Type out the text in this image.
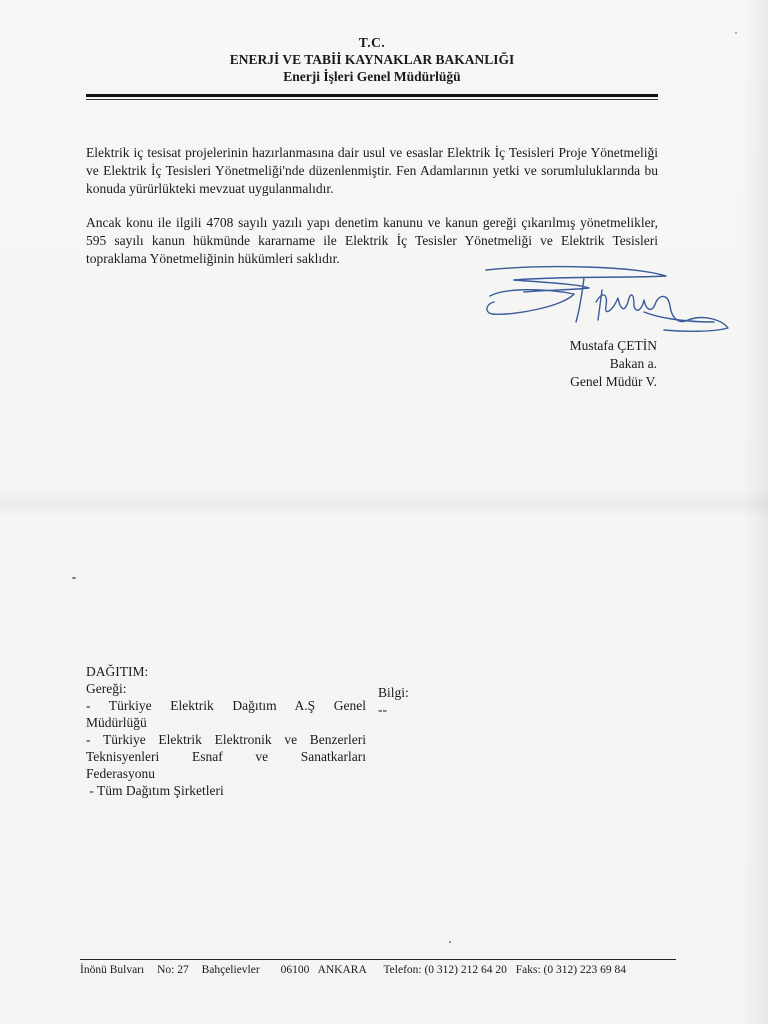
T.C.
ENERJİ VE TABİİ KAYNAKLAR BAKANLIĞI
Enerji İşleri Genel Müdürlüğü

Elektrik iç tesisat projelerinin hazırlanmasına dair usul ve esaslar Elektrik İç Tesisleri Proje Yönetmeliği ve Elektrik İç Tesisleri Yönetmeliği'nde düzenlenmiştir. Fen Adamlarının yetki ve sorumluluklarında bu konuda yürürlükteki mevzuat uygulanmalıdır.

Ancak konu ile ilgili 4708 sayılı yazılı yapı denetim kanunu ve kanun gereği çıkarılmış yönetmelikler, 595 sayılı kanun hükmünde kararname ile Elektrik İç Tesisler Yönetmeliği ve Elektrik Tesisleri topraklama Yönetmeliğinin hükümleri saklıdır.

Mustafa ÇETİN
Bakan a.
Genel Müdür V.
DAĞITIM:
Gereği:
- Türkiye Elektrik Dağıtım A.Ş Genel
Müdürlüğü
- Türkiye Elektrik Elektronik ve Benzerleri
Teknisyenleri Esnaf ve Sanatkarları
Federasyonu
- Tüm Dağıtım Şirketleri
Bilgi:
--
İnönü Bulvarı No: 27 Bahçelievler 06100 ANKARA Telefon: (0 312) 212 64 20 Faks: (0 312) 223 69 84
